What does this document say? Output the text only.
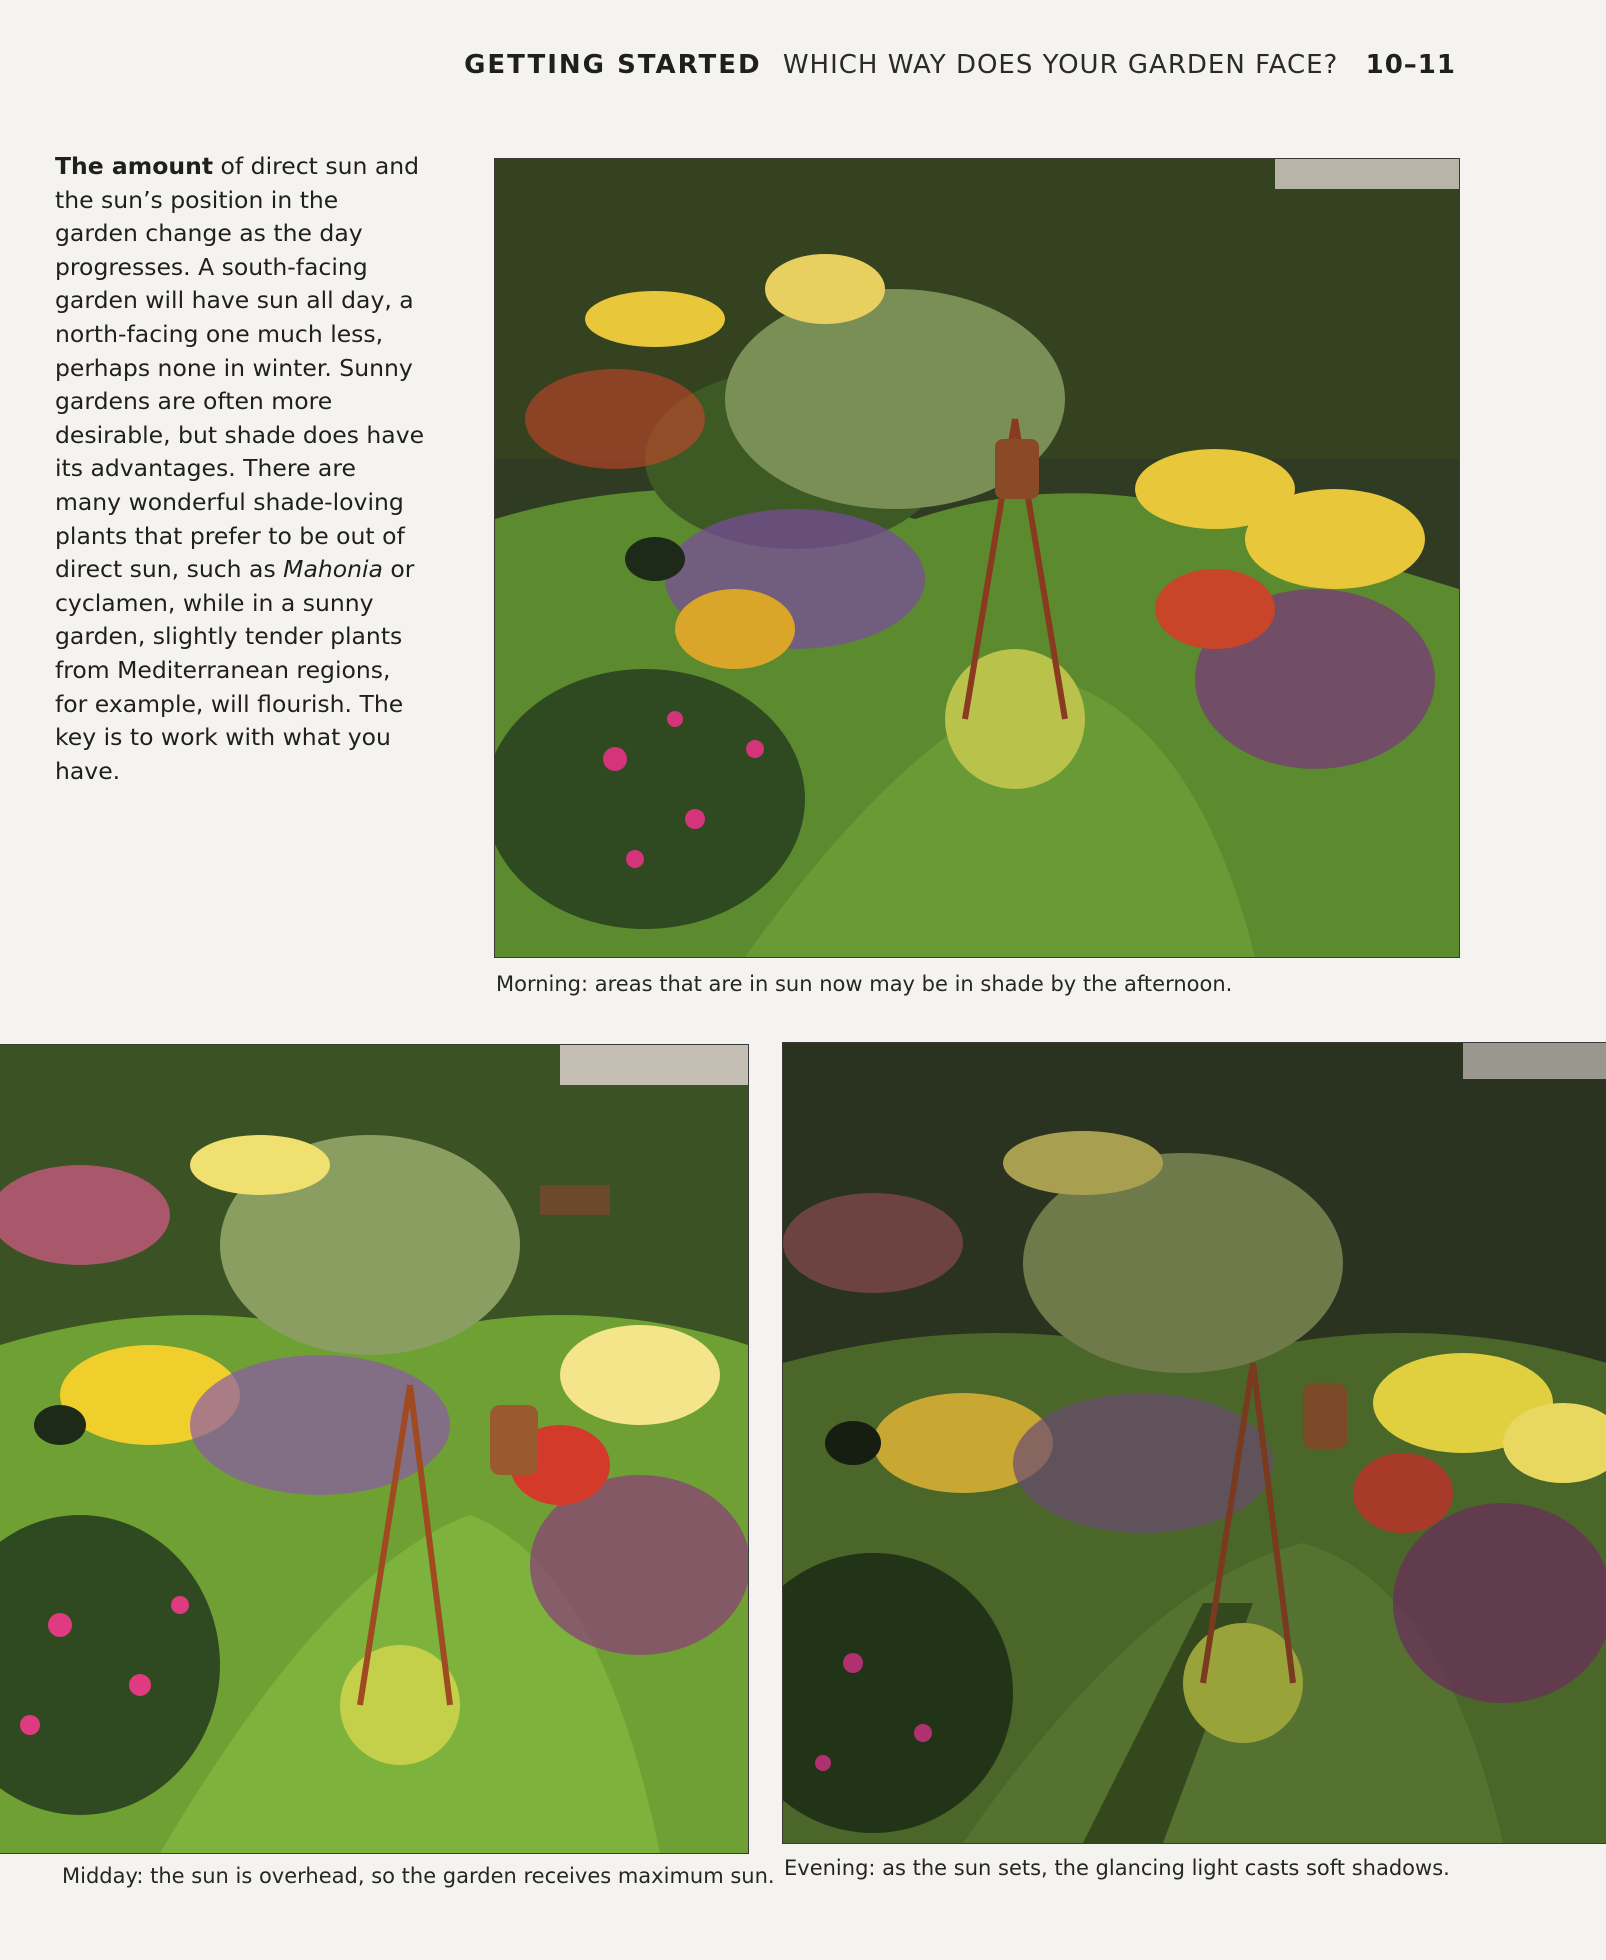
GETTING STARTED WHICH WAY DOES YOUR GARDEN FACE? 10–11
The amount of direct sun and the sun’s position in the garden change as the day progresses. A south-facing garden will have sun all day, a north-facing one much less, perhaps none in winter. Sunny gardens are often more desirable, but shade does have its advantages. There are many wonderful shade-loving plants that prefer to be out of direct sun, such as Mahonia or cyclamen, while in a sunny garden, slightly tender plants from Mediterranean regions, for example, will flourish. The key is to work with what you have.
Morning: areas that are in sun now may be in shade by the afternoon.
Midday: the sun is overhead, so the garden receives maximum sun. Evening: as the sun sets, the glancing light casts soft shadows.
